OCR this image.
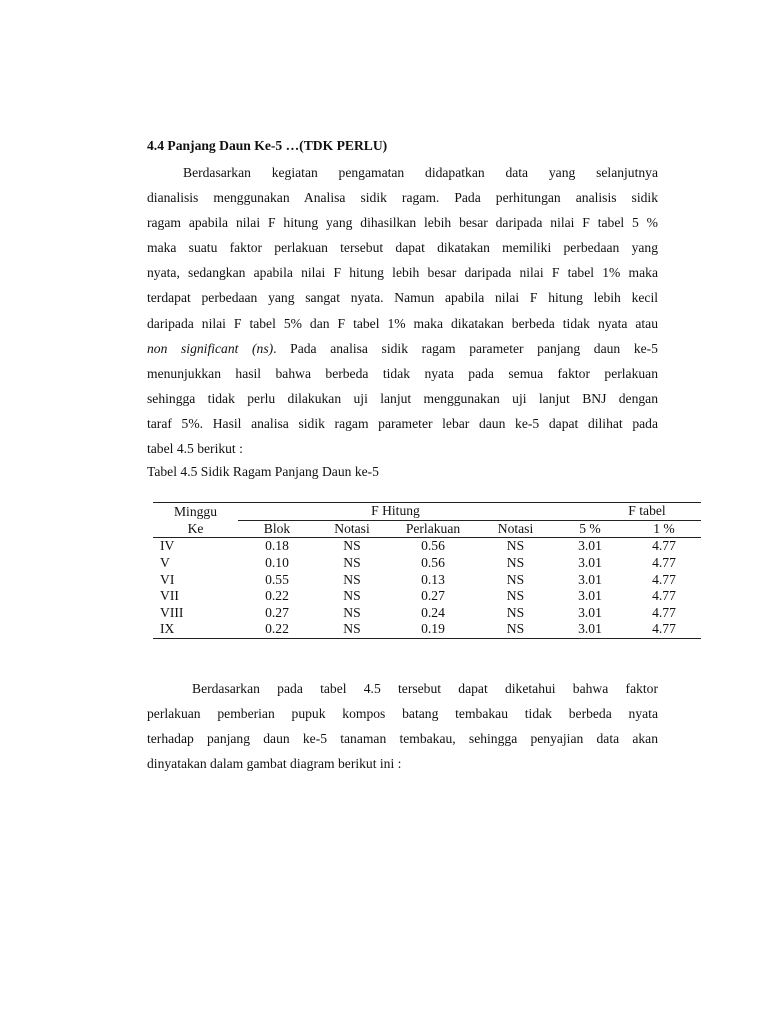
4.4 Panjang Daun Ke-5 …(TDK PERLU)
Berdasarkan kegiatan pengamatan didapatkan data yang selanjutnya
dianalisis menggunakan Analisa sidik ragam. Pada perhitungan analisis sidik
ragam apabila nilai F hitung yang dihasilkan lebih besar daripada nilai F tabel 5 %
maka suatu faktor perlakuan tersebut dapat dikatakan memiliki perbedaan yang
nyata, sedangkan apabila nilai F hitung lebih besar daripada nilai F tabel 1% maka
terdapat perbedaan yang sangat nyata. Namun apabila nilai F hitung lebih kecil
daripada nilai F tabel 5% dan F tabel 1% maka dikatakan berbeda tidak nyata atau
non significant (ns). Pada analisa sidik ragam parameter panjang daun ke-5
menunjukkan hasil bahwa berbeda tidak nyata pada semua faktor perlakuan
sehingga tidak perlu dilakukan uji lanjut menggunakan uji lanjut BNJ dengan
taraf 5%. Hasil analisa sidik ragam parameter lebar daun ke-5 dapat dilihat pada
tabel 4.5 berikut :
Tabel 4.5 Sidik Ragam Panjang Daun ke-5
Minggu	F Hitung				F tabel	
Ke	Blok	Notasi	Perlakuan	Notasi	5 %	1 %
IV	0.18	NS	0.56	NS	3.01	4.77
V	0.10	NS	0.56	NS	3.01	4.77
VI	0.55	NS	0.13	NS	3.01	4.77
VII	0.22	NS	0.27	NS	3.01	4.77
VIII	0.27	NS	0.24	NS	3.01	4.77
IX	0.22	NS	0.19	NS	3.01	4.77
Berdasarkan pada tabel 4.5 tersebut dapat diketahui bahwa faktor
perlakuan pemberian pupuk kompos batang tembakau tidak berbeda nyata
terhadap panjang daun ke-5 tanaman tembakau, sehingga penyajian data akan
dinyatakan dalam gambat diagram berikut ini :
